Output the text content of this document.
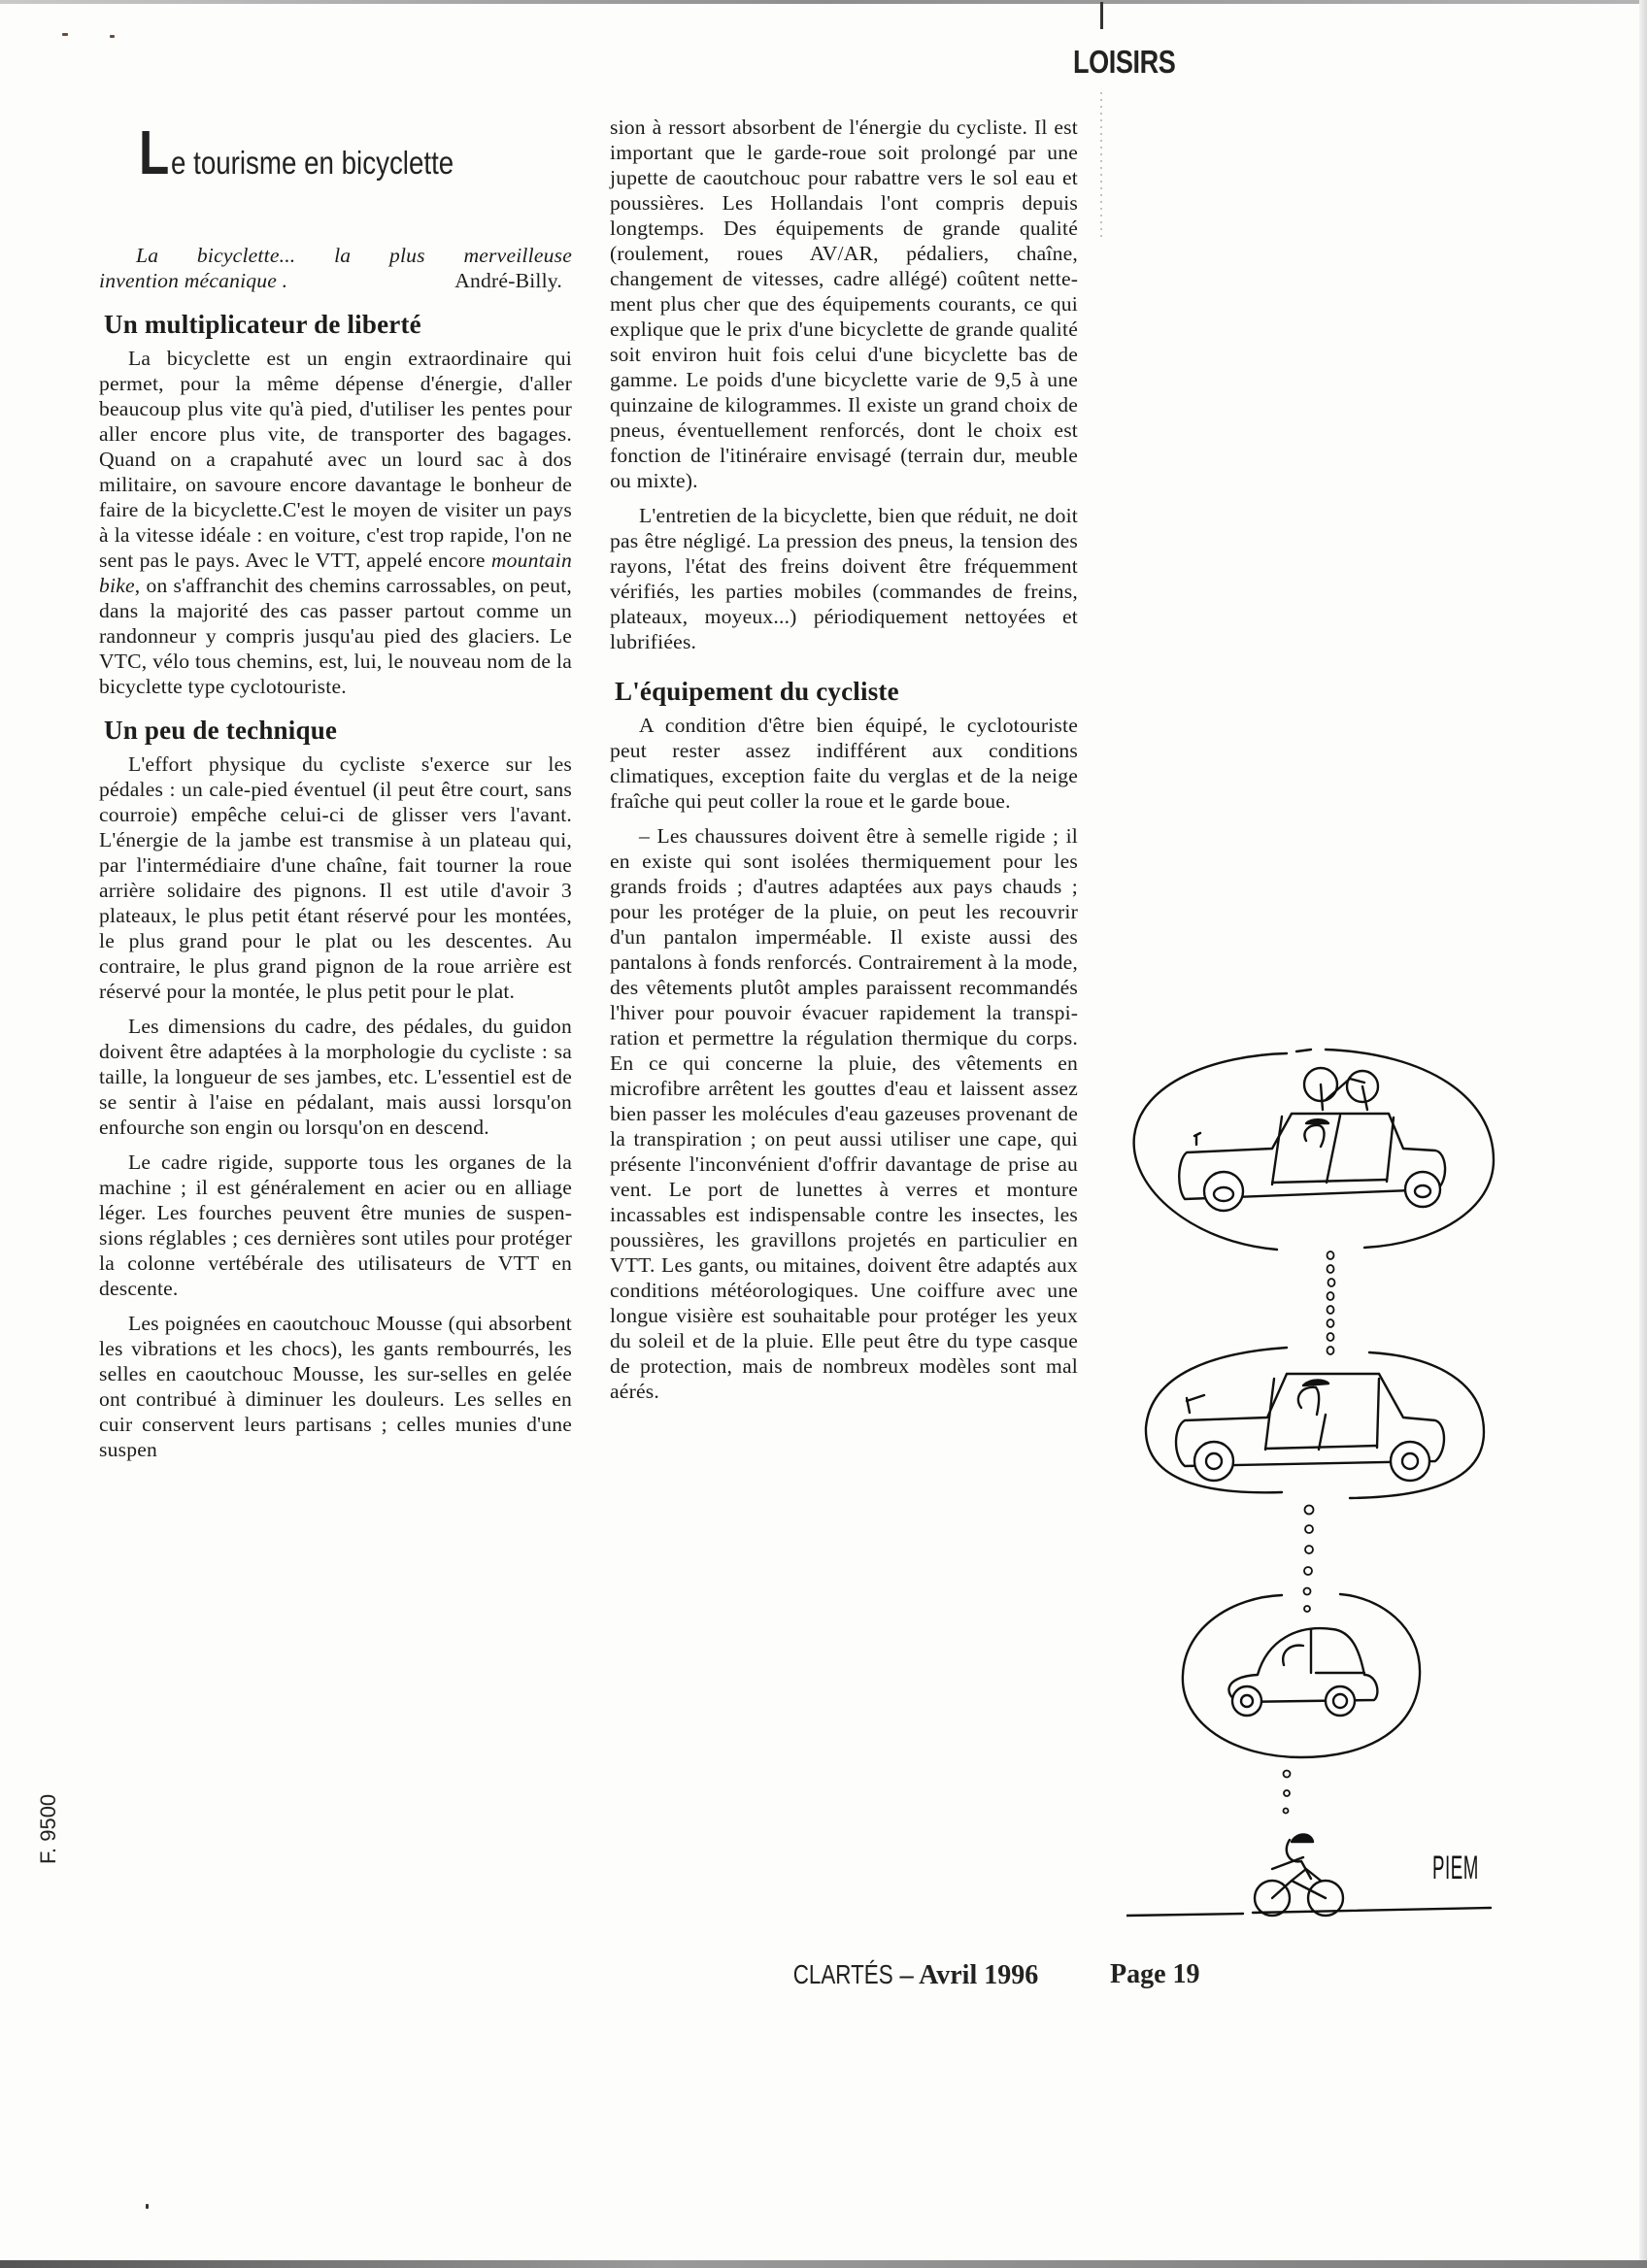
LOISIRS
Le tourisme en bicyclette
La bicyclette... la plus merveilleuse
invention mécanique .	André-Billy.
Un multiplicateur de liberté

La bicyclette est un engin extraordinaire qui permet, pour la même dépense d'énergie, d'aller beaucoup plus vite qu'à pied, d'utiliser les pentes pour aller encore plus vite, de transporter des bagages. Quand on a crapahuté avec un lourd sac à dos militaire, on savoure encore davantage le bonheur de faire de la bicyclette.C'est le moyen de visiter un pays à la vitesse idéale : en voiture, c'est trop rapide, l'on ne sent pas le pays. Avec le VTT, appelé encore mountain bike, on s'affranchit des chemins carrossables, on peut, dans la majorité des cas passer partout comme un randonneur y compris jusqu'au pied des glaciers. Le VTC, vélo tous chemins, est, lui, le nouveau nom de la bicyclette type cyclotouriste.

Un peu de technique

L'effort physique du cycliste s'exerce sur les pédales : un cale-pied éventuel (il peut être court, sans courroie) empêche celui-ci de glisser vers l'avant. L'énergie de la jambe est transmise à un plateau qui, par l'intermédiaire d'une chaîne, fait tourner la roue arrière solidaire des pignons. Il est utile d'avoir 3 plateaux, le plus petit étant réservé pour les montées, le plus grand pour le plat ou les descentes. Au contraire, le plus grand pignon de la roue arrière est réservé pour la montée, le plus petit pour le plat.

Les dimensions du cadre, des pédales, du guidon doivent être adaptées à la morphologie du cycliste : sa taille, la longueur de ses jambes, etc. L'essentiel est de se sentir à l'aise en pédalant, mais aussi lorsqu'on enfourche son engin ou lorsqu'on en descend.

Le cadre rigide, supporte tous les organes de la machine ; il est généralement en acier ou en alliage léger. Les fourches peuvent être munies de suspensions réglables ; ces dernières sont utiles pour protéger la colonne vertébérale des utilisateurs de VTT en descente.

Les poignées en caoutchouc Mousse (qui absorbent les vibrations et les chocs), les gants rembourrés, les selles en caoutchouc Mousse, les sur-selles en gelée ont contribué à diminuer les douleurs. Les selles en cuir conservent leurs partisans ; celles munies d'une suspen

sion à ressort absorbent de l'énergie du cycliste. Il est important que le garde-roue soit prolongé par une jupette de caoutchouc pour rabattre vers le sol eau et poussières. Les Hollandais l'ont compris depuis longtemps. Des équipements de grande qualité (roulement, roues AV/AR, pédaliers, chaîne, changement de vitesses, cadre allégé) coûtent nettement plus cher que des équipements courants, ce qui explique que le prix d'une bicyclette de grande qualité soit environ huit fois celui d'une bicyclette bas de gamme. Le poids d'une bicyclette varie de 9,5 à une quinzaine de kilogrammes. Il existe un grand choix de pneus, éventuellement renforcés, dont le choix est fonction de l'itinéraire envisagé (terrain dur, meuble ou mixte).

L'entretien de la bicyclette, bien que réduit, ne doit pas être négligé. La pression des pneus, la tension des rayons, l'état des freins doivent être fréquemment vérifiés, les parties mobiles (commandes de freins, plateaux, moyeux...) périodiquement nettoyées et lubrifiées.

L'équipement du cycliste

A condition d'être bien équipé, le cyclotouriste peut rester assez indifférent aux conditions climatiques, exception faite du verglas et de la neige fraîche qui peut coller la roue et le garde boue.

– Les chaussures doivent être à semelle rigide ; il en existe qui sont isolées thermiquement pour les grands froids ; d'autres adaptées aux pays chauds ; pour les protéger de la pluie, on peut les recouvrir d'un pantalon imperméable. Il existe aussi des pantalons à fonds renforcés. Contrairement à la mode, des vêtements plutôt amples paraissent recommandés l'hiver pour pouvoir évacuer rapidement la transpiration et permettre la régulation thermique du corps. En ce qui concerne la pluie, des vêtements en microfibre arrêtent les gouttes d'eau et laissent assez bien passer les molécules d'eau gazeuses provenant de la transpiration ; on peut aussi utiliser une cape, qui présente l'inconvénient d'offrir davantage de prise au vent. Le port de lunettes à verres et monture incassables est indispensable contre les insectes, les poussières, les gravillons projetés en particulier en VTT. Les gants, ou mitaines, doivent être adaptés aux conditions météorologiques. Une coiffure avec une longue visière est souhaitable pour protéger les yeux du soleil et de la pluie. Elle peut être du type casque de protection, mais de nombreux modèles sont mal aérés.

PIEM
F. 9500
CLARTÉS – Avril 1996	Page 19
